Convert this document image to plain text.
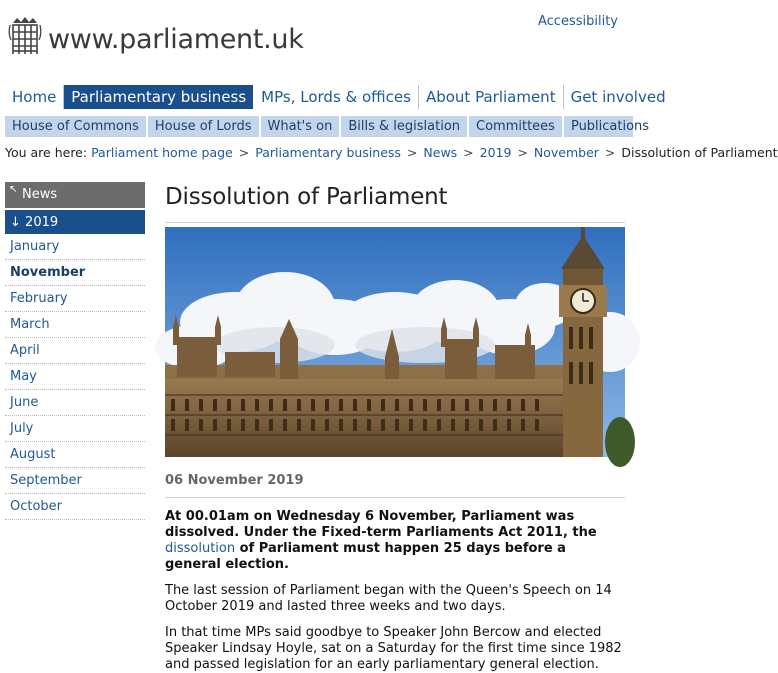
www.parliament.uk
Accessibility
Home	Parliamentary business	MPs, Lords & offices	About Parliament	Get involved
House of Commons	House of Lords	What's on	Bills & legislation	Committees	Publications
You are here: Parliament home page > Parliamentary business > News > 2019 > November > Dissolution of Parliament
↖ News
↓ 2019
January
November
February
March
April
May
June
July
August
September
October
Dissolution of Parliament
06 November 2019

At 00.01am on Wednesday 6 November, Parliament was dissolved. Under the Fixed-term Parliaments Act 2011, the dissolution of Parliament must happen 25 days before a general election.

The last session of Parliament began with the Queen's Speech on 14 October 2019 and lasted three weeks and two days.

In that time MPs said goodbye to Speaker John Bercow and elected Speaker Lindsay Hoyle, sat on a Saturday for the first time since 1982 and passed legislation for an early parliamentary general election.
